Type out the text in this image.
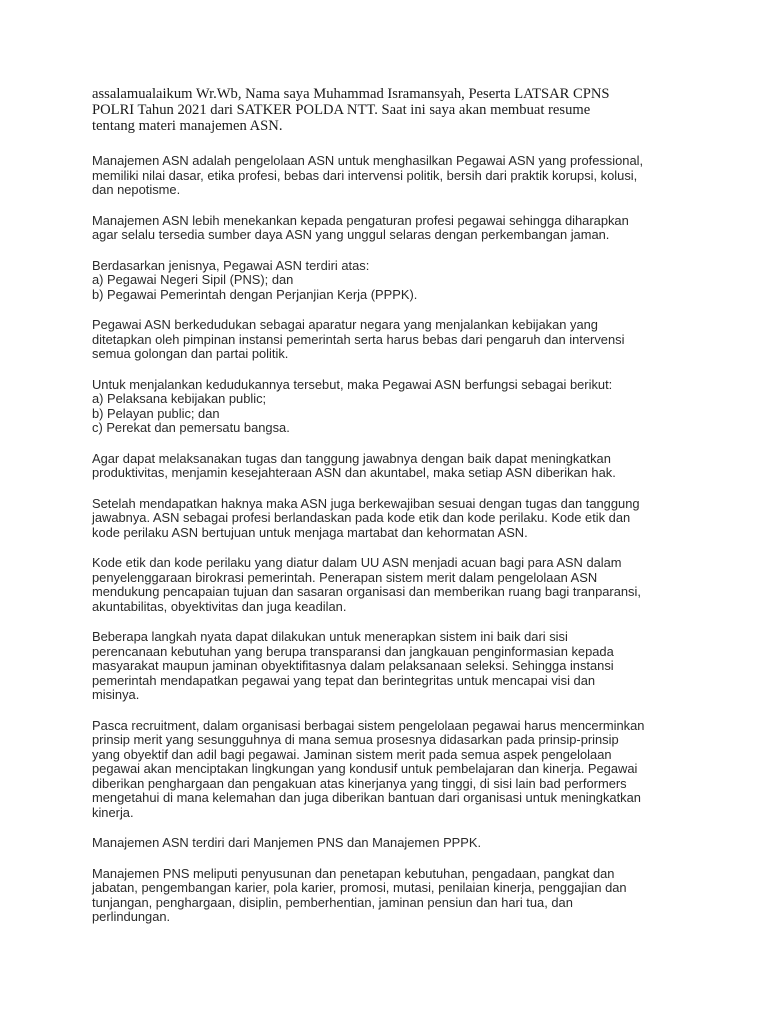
assalamualaikum Wr.Wb, Nama saya Muhammad Isramansyah, Peserta LATSAR CPNS
POLRI Tahun 2021 dari SATKER POLDA NTT. Saat ini saya akan membuat resume
tentang materi manajemen ASN.

Manajemen ASN adalah pengelolaan ASN untuk menghasilkan Pegawai ASN yang professional,
memiliki nilai dasar, etika profesi, bebas dari intervensi politik, bersih dari praktik korupsi, kolusi,
dan nepotisme.

Manajemen ASN lebih menekankan kepada pengaturan profesi pegawai sehingga diharapkan
agar selalu tersedia sumber daya ASN yang unggul selaras dengan perkembangan jaman.

Berdasarkan jenisnya, Pegawai ASN terdiri atas:
a) Pegawai Negeri Sipil (PNS); dan
b) Pegawai Pemerintah dengan Perjanjian Kerja (PPPK).

Pegawai ASN berkedudukan sebagai aparatur negara yang menjalankan kebijakan yang
ditetapkan oleh pimpinan instansi pemerintah serta harus bebas dari pengaruh dan intervensi
semua golongan dan partai politik.

Untuk menjalankan kedudukannya tersebut, maka Pegawai ASN berfungsi sebagai berikut:
a) Pelaksana kebijakan public;
b) Pelayan public; dan
c) Perekat dan pemersatu bangsa.

Agar dapat melaksanakan tugas dan tanggung jawabnya dengan baik dapat meningkatkan
produktivitas, menjamin kesejahteraan ASN dan akuntabel, maka setiap ASN diberikan hak.

Setelah mendapatkan haknya maka ASN juga berkewajiban sesuai dengan tugas dan tanggung
jawabnya. ASN sebagai profesi berlandaskan pada kode etik dan kode perilaku. Kode etik dan
kode perilaku ASN bertujuan untuk menjaga martabat dan kehormatan ASN.

Kode etik dan kode perilaku yang diatur dalam UU ASN menjadi acuan bagi para ASN dalam
penyelenggaraan birokrasi pemerintah. Penerapan sistem merit dalam pengelolaan ASN
mendukung pencapaian tujuan dan sasaran organisasi dan memberikan ruang bagi tranparansi,
akuntabilitas, obyektivitas dan juga keadilan.

Beberapa langkah nyata dapat dilakukan untuk menerapkan sistem ini baik dari sisi
perencanaan kebutuhan yang berupa transparansi dan jangkauan penginformasian kepada
masyarakat maupun jaminan obyektifitasnya dalam pelaksanaan seleksi. Sehingga instansi
pemerintah mendapatkan pegawai yang tepat dan berintegritas untuk mencapai visi dan
misinya.

Pasca recruitment, dalam organisasi berbagai sistem pengelolaan pegawai harus mencerminkan
prinsip merit yang sesungguhnya di mana semua prosesnya didasarkan pada prinsip-prinsip
yang obyektif dan adil bagi pegawai. Jaminan sistem merit pada semua aspek pengelolaan
pegawai akan menciptakan lingkungan yang kondusif untuk pembelajaran dan kinerja. Pegawai
diberikan penghargaan dan pengakuan atas kinerjanya yang tinggi, di sisi lain bad performers
mengetahui di mana kelemahan dan juga diberikan bantuan dari organisasi untuk meningkatkan
kinerja.

Manajemen ASN terdiri dari Manjemen PNS dan Manajemen PPPK.

Manajemen PNS meliputi penyusunan dan penetapan kebutuhan, pengadaan, pangkat dan
jabatan, pengembangan karier, pola karier, promosi, mutasi, penilaian kinerja, penggajian dan
tunjangan, penghargaan, disiplin, pemberhentian, jaminan pensiun dan hari tua, dan
perlindungan.
